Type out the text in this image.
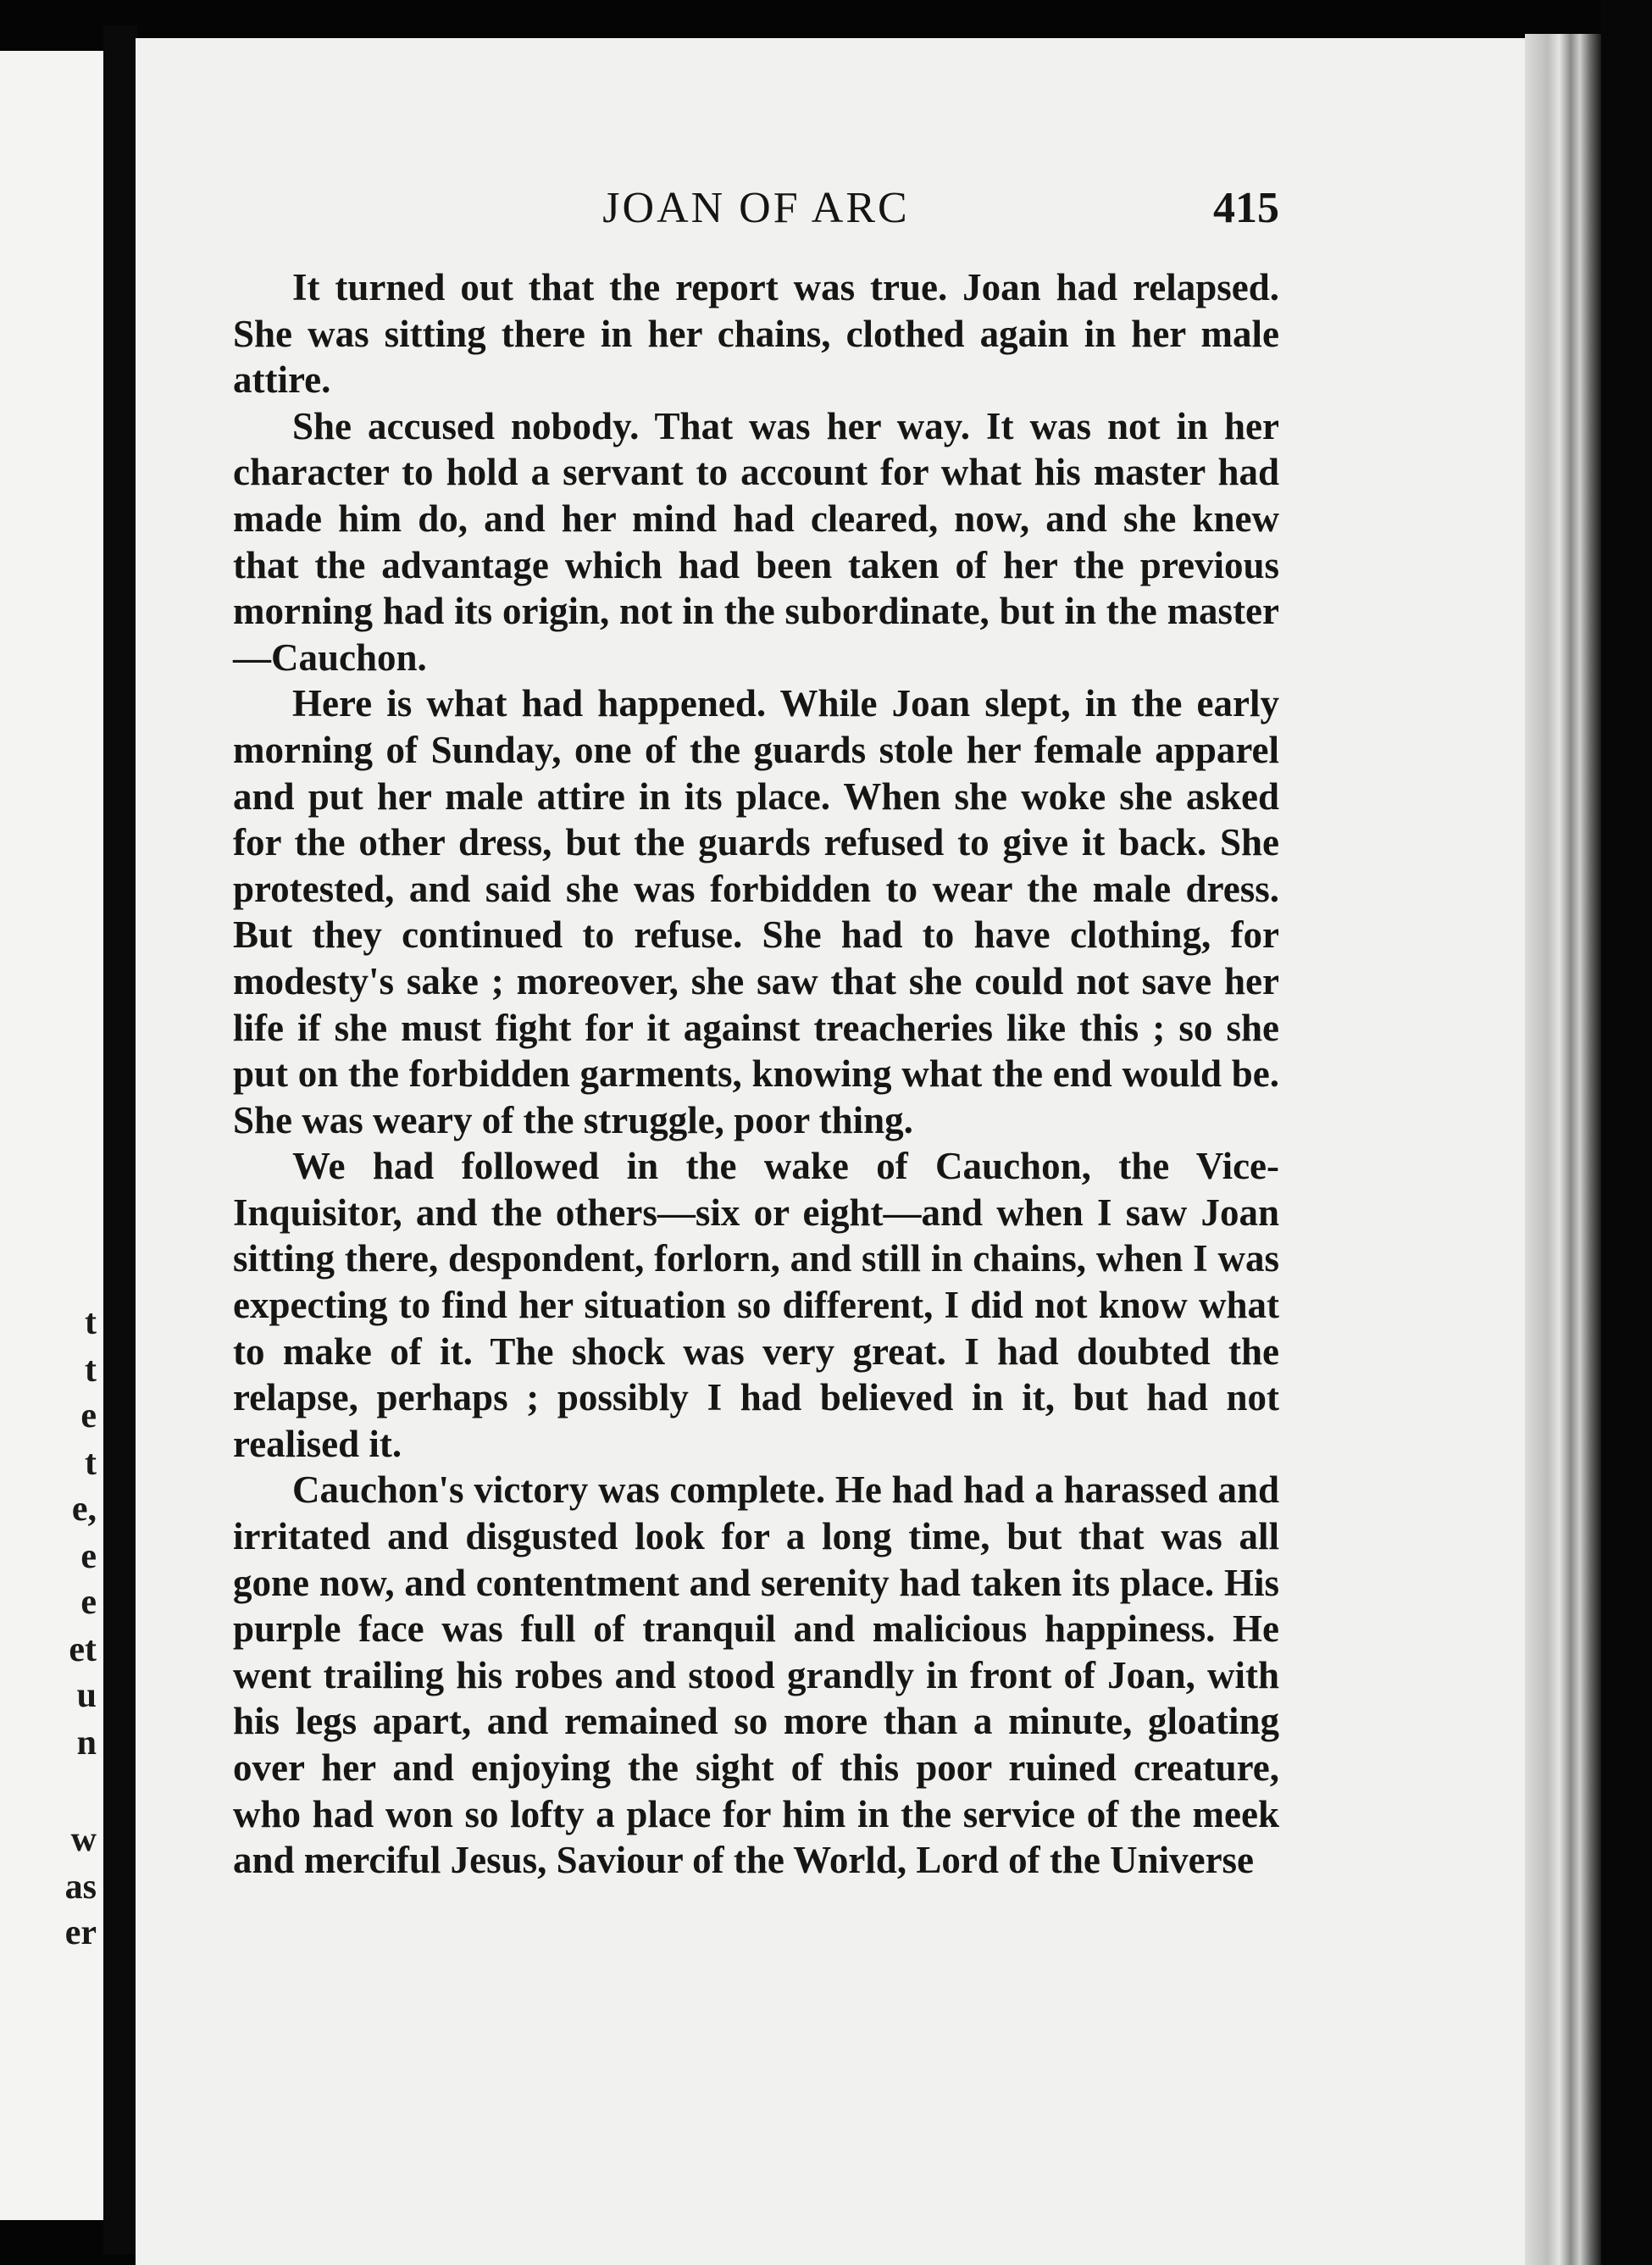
t
t
e
t
e,
e
e
et
u
n
w
as
er
JOAN OF ARC	415

It turned out that the report was true. Joan had relapsed. She was sitting there in her chains, clothed again in her male attire.

She accused nobody. That was her way. It was not in her character to hold a servant to account for what his master had made him do, and her mind had cleared, now, and she knew that the advantage which had been taken of her the previous morning had its origin, not in the subordinate, but in the master—Cauchon.

Here is what had happened. While Joan slept, in the early morning of Sunday, one of the guards stole her female apparel and put her male attire in its place. When she woke she asked for the other dress, but the guards refused to give it back. She protested, and said she was forbidden to wear the male dress. But they continued to refuse. She had to have clothing, for modesty's sake ; moreover, she saw that she could not save her life if she must fight for it against treacheries like this ; so she put on the forbidden garments, knowing what the end would be. She was weary of the struggle, poor thing.

We had followed in the wake of Cauchon, the Vice-Inquisitor, and the others—six or eight—and when I saw Joan sitting there, despondent, forlorn, and still in chains, when I was expecting to find her situation so different, I did not know what to make of it. The shock was very great. I had doubted the relapse, perhaps ; possibly I had believed in it, but had not realised it.

Cauchon's victory was complete. He had had a harassed and irritated and disgusted look for a long time, but that was all gone now, and contentment and serenity had taken its place. His purple face was full of tranquil and malicious happiness. He went trailing his robes and stood grandly in front of Joan, with his legs apart, and remained so more than a minute, gloating over her and enjoying the sight of this poor ruined creature, who had won so lofty a place for him in the service of the meek and merciful Jesus, Saviour of the World, Lord of the Universe
